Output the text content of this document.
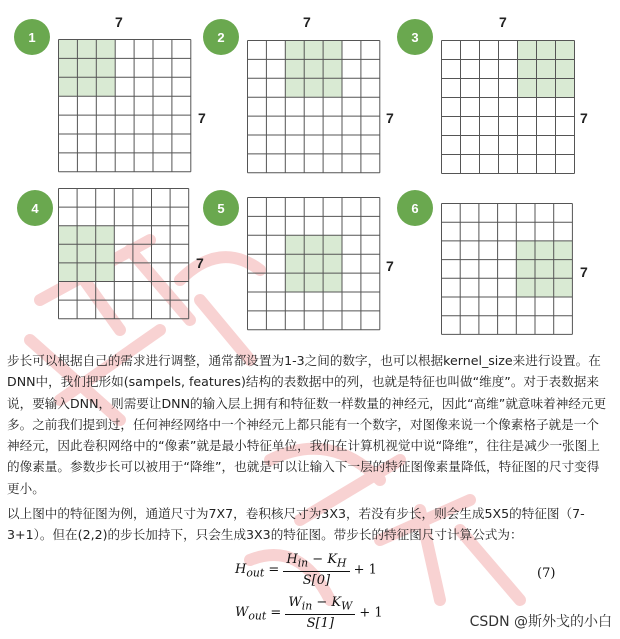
1
7
7
2
7
7
3
7
7
4
7
5
7
6
7

步长可以根据自己的需求进行调整，通常都设置为1-3之间的数字，也可以根据kernel_size来进行设置。在DNN中，我们把形如(sampels, features)结构的表数据中的列，也就是特征也叫做“维度”。对于表数据来说，要输入DNN，则需要让DNN的输入层上拥有和特征数一样数量的神经元，因此“高维”就意味着神经元更多。之前我们提到过，任何神经网络中一个神经元上都只能有一个数字，对图像来说一个像素格子就是一个神经元，因此卷积网络中的“像素”就是最小特征单位，我们在计算机视觉中说“降维”，往往是减少一张图上的像素量。参数步长可以被用于“降维”，也就是可以让输入下一层的特征图像素量降低，特征图的尺寸变得更小。

以上图中的特征图为例，通道尺寸为7X7，卷积核尺寸为3X3，若没有步长，则会生成5X5的特征图（7-3+1）。但在(2,2)的步长加持下，只会生成3X3的特征图。带步长的特征图尺寸计算公式为：

$H_{out} = \frac{H_{in} - K_H}{S[0]} + 1$	(7)
$W_{out} = \frac{W_{in} - K_W}{S[1]} + 1$
CSDN @斯外戈的小白
